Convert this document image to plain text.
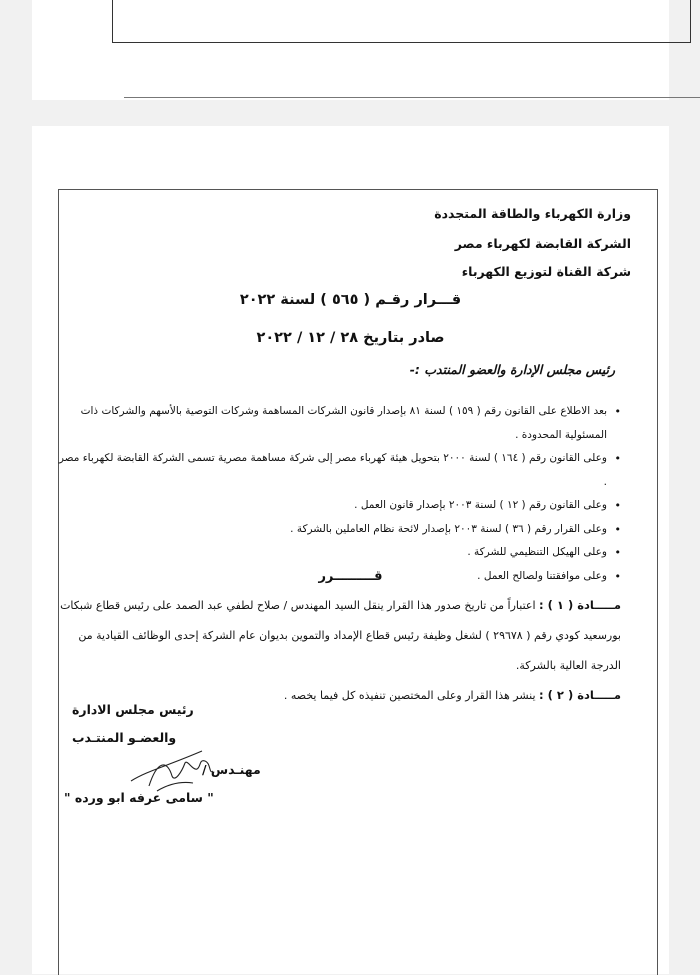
وزارة الكهرباء والطاقة المتجددة
الشركة القابضة لكهرباء مصر
شركة القناة لتوزيع الكهرباء
قـــرار رقـم ( ٥٦٥ ) لسنة ٢٠٢٢
صادر بتاريخ ٢٨ / ١٢ / ٢٠٢٢
رئيس مجلس الإدارة والعضو المنتدب :-
• بعد الاطلاع على القانون رقم ( ١٥٩ ) لسنة ٨١ بإصدار قانون الشركات المساهمة وشركات التوصية بالأسهم والشركات ذات المسئولية المحدودة .
• وعلى القانون رقم ( ١٦٤ ) لسنة ٢٠٠٠ بتحويل هيئة كهرباء مصر إلى شركة مساهمة مصرية تسمى الشركة القابضة لكهرباء مصر .
• وعلى القانون رقم ( ١٢ ) لسنة ٢٠٠٣ بإصدار قانون العمل .
• وعلى القرار رقم ( ٣٦ ) لسنة ٢٠٠٣ بإصدار لائحة نظام العاملين بالشركة .
• وعلى الهيكل التنظيمي للشركة .
• وعلى موافقتنا ولصالح العمل .
قـــــــــرر
مـــــادة ( ١ ) : اعتباراً من تاريخ صدور هذا القرار ينقل السيد المهندس / صلاح لطفي عبد الصمد على رئيس قطاع شبكات بورسعيد كودي رقم ( ٢٩٦٧٨ ) لشغل وظيفة رئيس قطاع الإمداد والتموين بديوان عام الشركة إحدى الوظائف القيادية من الدرجة العالية بالشركة.
مـــــادة ( ٢ ) : ينشر هذا القرار وعلى المختصين تنفيذه كل فيما يخصه .
رئيس مجلس الادارة
والعضـو المنتـدب
مهنـدس /
" سامى عرفه ابو ورده "
